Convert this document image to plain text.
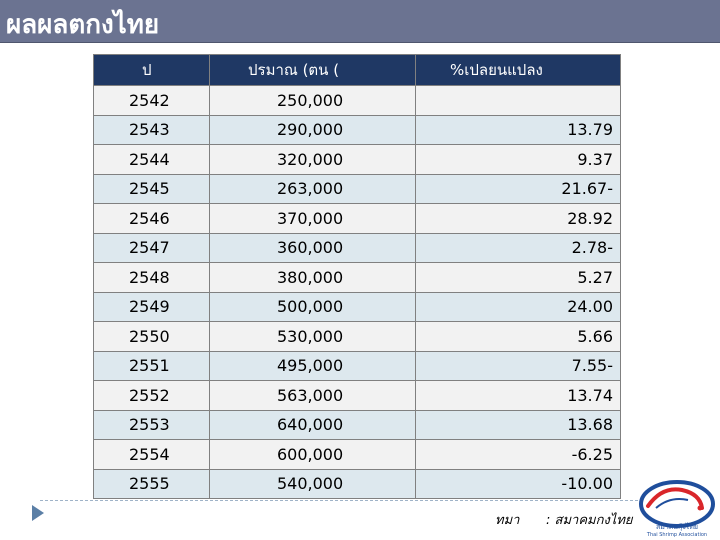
ผลผลตกงไทย
ป	ปรมาณ (ตน (	%เปลยนแปลง
2542	250,000	
2543	290,000	13.79
2544	320,000	9.37
2545	263,000	21.67-
2546	370,000	28.92
2547	360,000	2.78-
2548	380,000	5.27
2549	500,000	24.00
2550	530,000	5.66
2551	495,000	7.55-
2552	563,000	13.74
2553	640,000	13.68
2554	600,000	-6.25
2555	540,000	-10.00
ทมา : สมาคมกงไทย	สมาคมกุ้งไทย
Thai Shrimp Association
